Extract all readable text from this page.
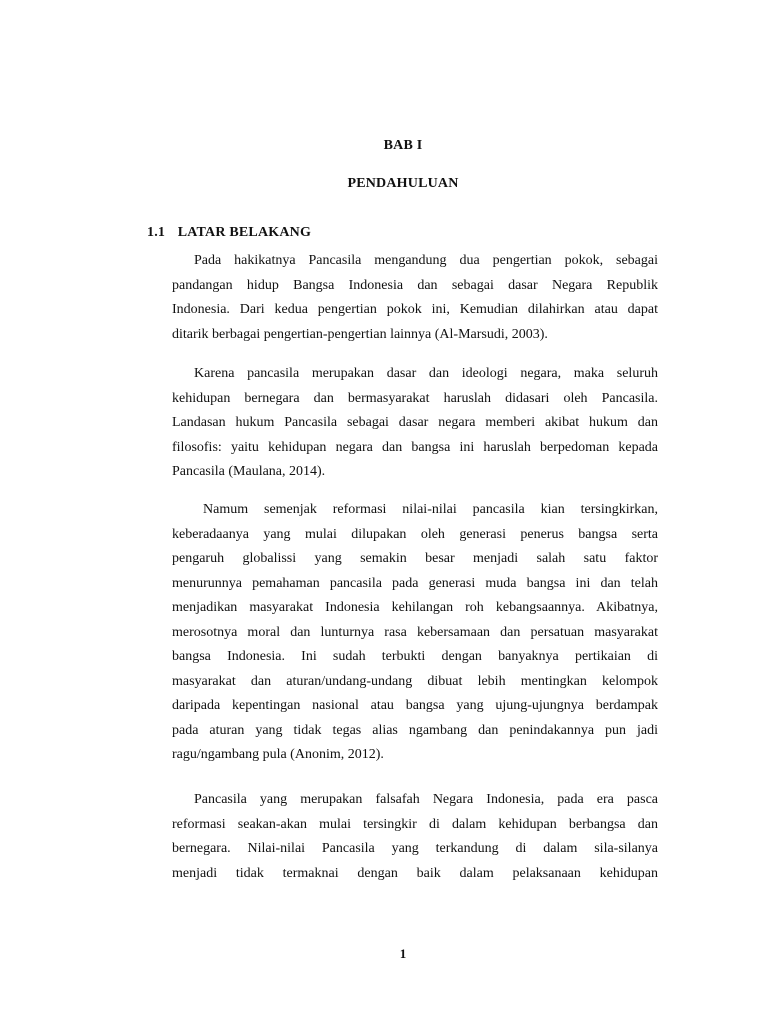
BAB I
PENDAHULUAN
1.1 LATAR BELAKANG
Pada hakikatnya Pancasila mengandung dua pengertian pokok, sebagai
pandangan hidup Bangsa Indonesia dan sebagai dasar Negara Republik
Indonesia. Dari kedua pengertian pokok ini, Kemudian dilahirkan atau dapat
ditarik berbagai pengertian-pengertian lainnya (Al-Marsudi, 2003).
Karena pancasila merupakan dasar dan ideologi negara, maka seluruh
kehidupan bernegara dan bermasyarakat haruslah didasari oleh Pancasila.
Landasan hukum Pancasila sebagai dasar negara memberi akibat hukum dan
filosofis: yaitu kehidupan negara dan bangsa ini haruslah berpedoman kepada
Pancasila (Maulana, 2014).
Namum semenjak reformasi nilai-nilai pancasila kian tersingkirkan,
keberadaanya yang mulai dilupakan oleh generasi penerus bangsa serta
pengaruh globalissi yang semakin besar menjadi salah satu faktor
menurunnya pemahaman pancasila pada generasi muda bangsa ini dan telah
menjadikan masyarakat Indonesia kehilangan roh kebangsaannya. Akibatnya,
merosotnya moral dan lunturnya rasa kebersamaan dan persatuan masyarakat
bangsa Indonesia. Ini sudah terbukti dengan banyaknya pertikaian di
masyarakat dan aturan/undang-undang dibuat lebih mentingkan kelompok
daripada kepentingan nasional atau bangsa yang ujung-ujungnya berdampak
pada aturan yang tidak tegas alias ngambang dan penindakannya pun jadi
ragu/ngambang pula (Anonim, 2012).
Pancasila yang merupakan falsafah Negara Indonesia, pada era pasca
reformasi seakan-akan mulai tersingkir di dalam kehidupan berbangsa dan
bernegara. Nilai-nilai Pancasila yang terkandung di dalam sila-silanya
menjadi tidak termaknai dengan baik dalam pelaksanaan kehidupan
1
